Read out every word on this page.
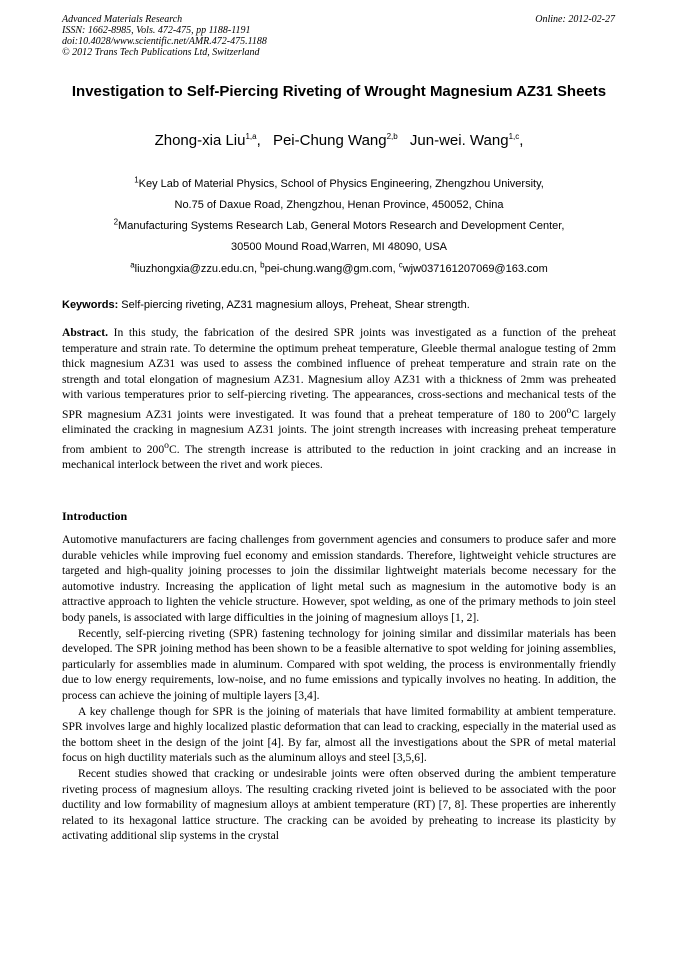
Advanced Materials Research
ISSN: 1662-8985, Vols. 472-475, pp 1188-1191
doi:10.4028/www.scientific.net/AMR.472-475.1188
© 2012 Trans Tech Publications Ltd, Switzerland
Online: 2012-02-27
Investigation to Self-Piercing Riveting of Wrought Magnesium AZ31 Sheets
Zhong-xia Liu$^{1,a}$, Pei-Chung Wang$^{2,b}$ Jun-wei. Wang$^{1,c}$,
$^1$Key Lab of Material Physics, School of Physics Engineering, Zhengzhou University,
No.75 of Daxue Road, Zhengzhou, Henan Province, 450052, China
$^2$Manufacturing Systems Research Lab, General Motors Research and Development Center,
30500 Mound Road,Warren, MI 48090, USA
$^a$liuzhongxia@zzu.edu.cn, $^b$pei-chung.wang@gm.com, $^c$wjw037161207069@163.com
Keywords: Self-piercing riveting, AZ31 magnesium alloys, Preheat, Shear strength.

Abstract. In this study, the fabrication of the desired SPR joints was investigated as a function of the preheat temperature and strain rate. To determine the optimum preheat temperature, Gleeble thermal analogue testing of 2mm thick magnesium AZ31 was used to assess the combined influence of preheat temperature and strain rate on the strength and total elongation of magnesium AZ31. Magnesium alloy AZ31 with a thickness of 2mm was preheated with various temperatures prior to self-piercing riveting. The appearances, cross-sections and mechanical tests of the SPR magnesium AZ31 joints were investigated. It was found that a preheat temperature of 180 to 200$^o$C largely eliminated the cracking in magnesium AZ31 joints. The joint strength increases with increasing preheat temperature from ambient to 200$^o$C. The strength increase is attributed to the reduction in joint cracking and an increase in mechanical interlock between the rivet and work pieces.

Introduction

Automotive manufacturers are facing challenges from government agencies and consumers to produce safer and more durable vehicles while improving fuel economy and emission standards. Therefore, lightweight vehicle structures are targeted and high-quality joining processes to join the dissimilar lightweight materials become necessary for the automotive industry. Increasing the application of light metal such as magnesium in the automotive body is an attractive approach to lighten the vehicle structure. However, spot welding, as one of the primary methods to join steel body panels, is associated with large difficulties in the joining of magnesium alloys [1, 2].

Recently, self-piercing riveting (SPR) fastening technology for joining similar and dissimilar materials has been developed. The SPR joining method has been shown to be a feasible alternative to spot welding for joining assemblies, particularly for assemblies made in aluminum. Compared with spot welding, the process is environmentally friendly due to low energy requirements, low-noise, and no fume emissions and typically involves no heating. In addition, the process can achieve the joining of multiple layers [3,4].

A key challenge though for SPR is the joining of materials that have limited formability at ambient temperature. SPR involves large and highly localized plastic deformation that can lead to cracking, especially in the material used as the bottom sheet in the design of the joint [4]. By far, almost all the investigations about the SPR of metal material focus on high ductility materials such as the aluminum alloys and steel [3,5,6].

Recent studies showed that cracking or undesirable joints were often observed during the ambient temperature riveting process of magnesium alloys. The resulting cracking riveted joint is believed to be associated with the poor ductility and low formability of magnesium alloys at ambient temperature (RT) [7, 8]. These properties are inherently related to its hexagonal lattice structure. The cracking can be avoided by preheating to increase its plasticity by activating additional slip systems in the crystal
